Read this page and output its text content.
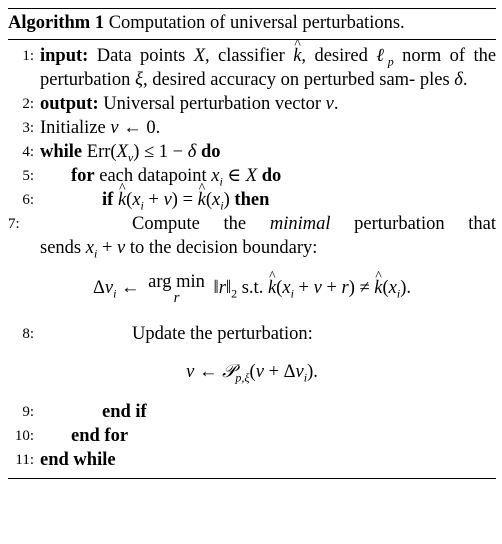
Algorithm 1 Computation of universal perturbations.
1: input: Data points X, classifier ^ k, desired ℓ$_p$ norm of the perturbation ξ, desired accuracy on perturbed sam- ples δ.
2: output: Universal perturbation vector v.
3: Initialize v ← 0.
4: while $Err(X_v) \le 1 - \delta$ do
5: for each datapoint $x_i$ ∈ X do
6:	if ^ $k(x_i + v)$ = ^ $k(x_i)$ then
7:	Compute the minimal perturbation that
sends $x_i + v$ to the decision boundary:
$\Delta v_i$ ← arg min
r	$‖r‖_2$ s.t. ^ $k(x_i + v + r)$ ≠ ^ $k(x_i)$.
8:	Update the perturbation:
v ← 𝒫$_{p,\xi}$(v + $\Delta v_i$).
9:	end if
10: end for
11: end while
